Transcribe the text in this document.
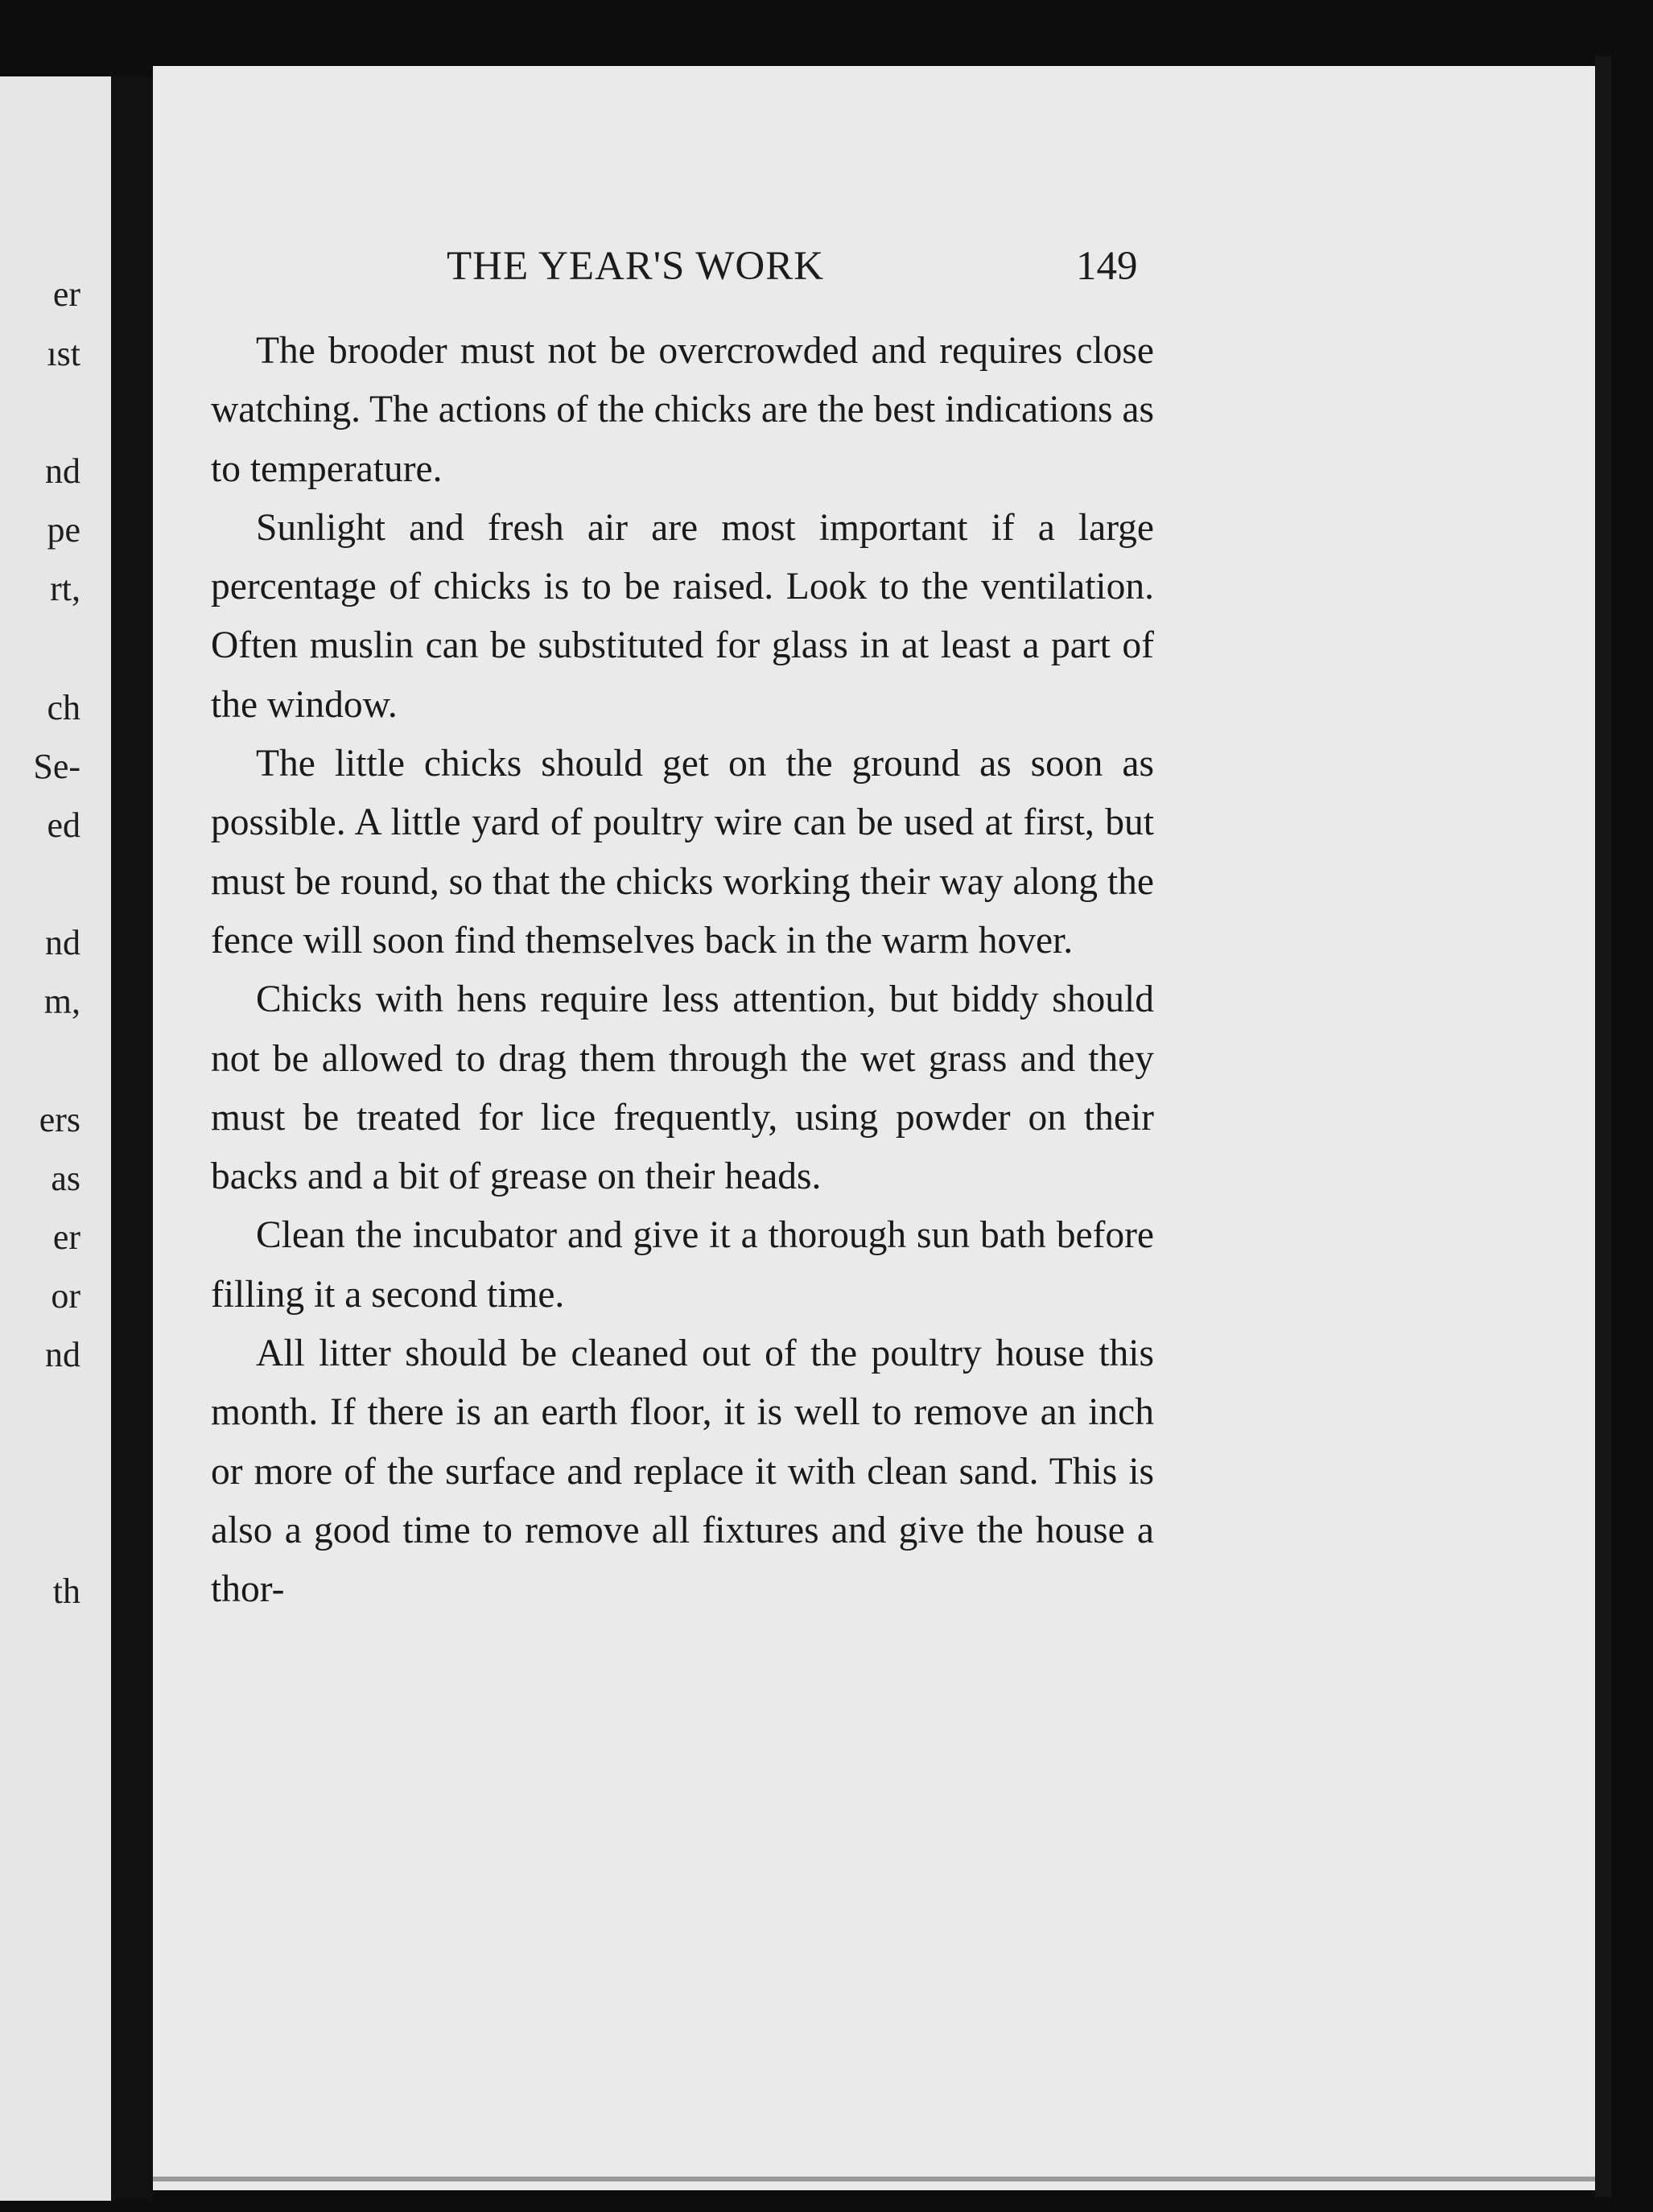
er
ıst
nd
pe
rt,
ch
Se-
ed
nd
m,
ers
as
er
or
nd
th
THE YEAR'S WORK	149

The brooder must not be overcrowded and requires close watching. The actions of the chicks are the best indications as to temperature.

Sunlight and fresh air are most important if a large percentage of chicks is to be raised. Look to the ventilation. Often muslin can be substituted for glass in at least a part of the window.

The little chicks should get on the ground as soon as possible. A little yard of poultry wire can be used at first, but must be round, so that the chicks working their way along the fence will soon find themselves back in the warm hover.

Chicks with hens require less attention, but biddy should not be allowed to drag them through the wet grass and they must be treated for lice frequently, using powder on their backs and a bit of grease on their heads.

Clean the incubator and give it a thorough sun bath before filling it a second time.

All litter should be cleaned out of the poultry house this month. If there is an earth floor, it is well to remove an inch or more of the surface and replace it with clean sand. This is also a good time to remove all fixtures and give the house a thor-
